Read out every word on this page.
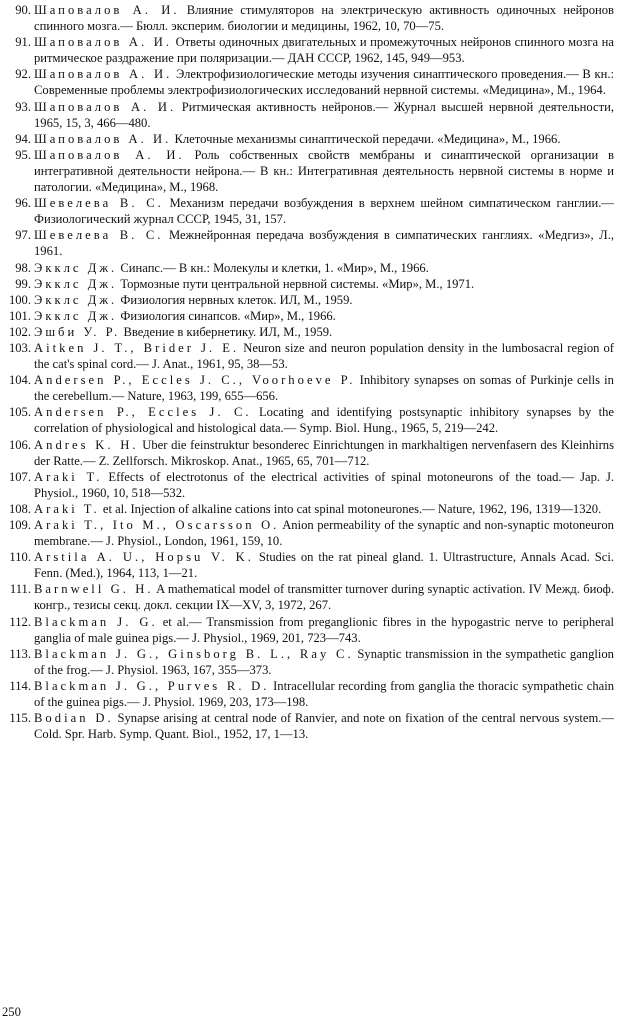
90. Шаповалов А. И. Влияние стимуляторов на электрическую активность одиночных нейронов спинного мозга.— Бюлл. эксперим. биологии и медицины, 1962, 10, 70—75.
91. Шаповалов А. И. Ответы одиночных двигательных и промежуточных нейронов спинного мозга на ритмическое раздражение при поляризации.— ДАН СССР, 1962, 145, 949—953.
92. Шаповалов А. И. Электрофизиологические методы изучения синаптического проведения.— В кн.: Современные проблемы электрофизиологических исследований нервной системы. «Медицина», М., 1964.
93. Шаповалов А. И. Ритмическая активность нейронов.— Журнал высшей нервной деятельности, 1965, 15, 3, 466—480.
94. Шаповалов А. И. Клеточные механизмы синаптической передачи. «Медицина», М., 1966.
95. Шаповалов А. И. Роль собственных свойств мембраны и синаптической организации в интегративной деятельности нейрона.— В кн.: Интегративная деятельность нервной системы в норме и патологии. «Медицина», М., 1968.
96. Шевелева В. С. Механизм передачи возбуждения в верхнем шейном симпатическом ганглии.— Физиологический журнал СССР, 1945, 31, 157.
97. Шевелева В. С. Межнейронная передача возбуждения в симпатических ганглиях. «Медгиз», Л., 1961.
98. Экклс Дж. Синапс.— В кн.: Молекулы и клетки, 1. «Мир», М., 1966.
99. Экклс Дж. Тормозные пути центральной нервной системы. «Мир», М., 1971.
100. Экклс Дж. Физиология нервных клеток. ИЛ, М., 1959.
101. Экклс Дж. Физиология синапсов. «Мир», М., 1966.
102. Эшби У. Р. Введение в кибернетику. ИЛ, М., 1959.
103. Aitken J. T., Brider J. E. Neuron size and neuron population density in the lumbosacral region of the cat's spinal cord.— J. Anat., 1961, 95, 38—53.
104. Andersen P., Eccles J. C., Voorhoeve P. Inhibitory synapses on somas of Purkinje cells in the cerebellum.— Nature, 1963, 199, 655—656.
105. Andersen P., Eccles J. C. Locating and identifying postsynaptic inhibitory synapses by the correlation of physiological and histological data.— Symp. Biol. Hung., 1965, 5, 219—242.
106. Andres K. H. Uber die feinstruktur besonderec Einrichtungen in markhaltigen nervenfasern des Kleinhirns der Ratte.— Z. Zellforsch. Mikroskop. Anat., 1965, 65, 701—712.
107. Araki T. Effects of electrotonus of the electrical activities of spinal motoneurons of the toad.— Jap. J. Physiol., 1960, 10, 518—532.
108. Araki T. et al. Injection of alkaline cations into cat spinal motoneurones.— Nature, 1962, 196, 1319—1320.
109. Araki T., Ito M., Oscarsson O. Anion permeability of the synaptic and non-synaptic motoneuron membrane.— J. Physiol., London, 1961, 159, 10.
110. Arstila A. U., Hopsu V. K. Studies on the rat pineal gland. 1. Ultrastructure, Annals Acad. Sci. Fenn. (Med.), 1964, 113, 1—21.
111. Barnwell G. H. A mathematical model of transmitter turnover during synaptic activation. IV Межд. биоф. конгр., тезисы секц. докл. секции IX—XV, 3, 1972, 267.
112. Blackman J. G. et al.— Transmission from preganglionic fibres in the hypogastric nerve to peripheral ganglia of male guinea pigs.— J. Physiol., 1969, 201, 723—743.
113. Blackman J. G., Ginsborg B. L., Ray C. Synaptic transmission in the sympathetic ganglion of the frog.— J. Physiol. 1963, 167, 355—373.
114. Blackman J. G., Purves R. D. Intracellular recording from ganglia the thoracic sympathetic chain of the guinea pigs.— J. Physiol. 1969, 203, 173—198.
115. Bodian D. Synapse arising at central node of Ranvier, and note on fixation of the central nervous system.— Cold. Spr. Harb. Symp. Quant. Biol., 1952, 17, 1—13.
250
